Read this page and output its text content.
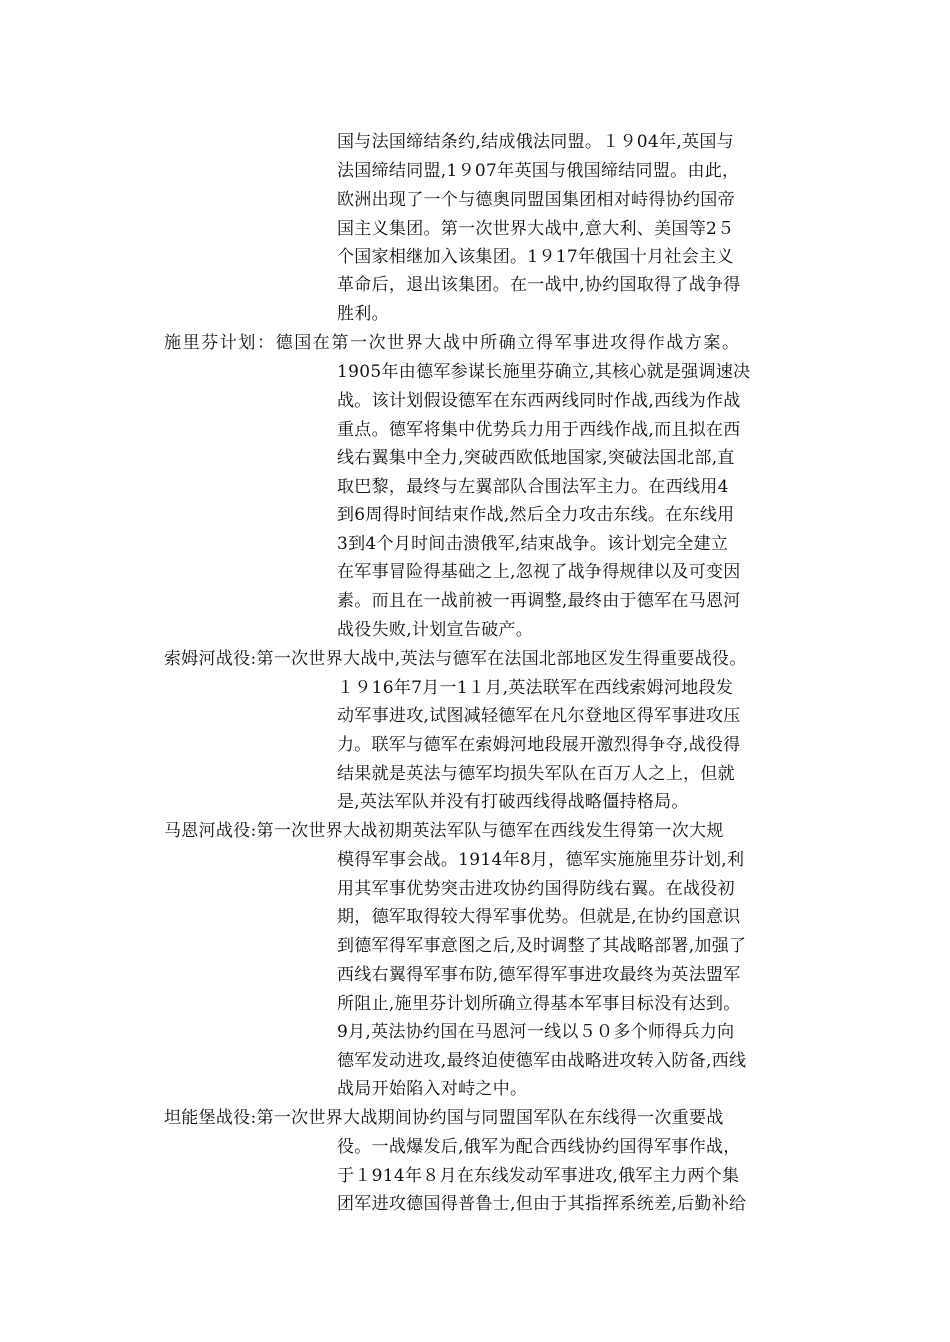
国与法国缔结条约,结成俄法同盟。１９04年,英国与
法国缔结同盟,1９07年英国与俄国缔结同盟。由此，
欧洲出现了一个与德奥同盟国集团相对峙得协约国帝
国主义集团。第一次世界大战中,意大利、美国等2５
个国家相继加入该集团。1９17年俄国十月社会主义
革命后，退出该集团。在一战中,协约国取得了战争得
胜利。
施里芬计划：德国在第一次世界大战中所确立得军事进攻得作战方案。
1905年由德军参谋长施里芬确立,其核心就是强调速决
战。该计划假设德军在东西两线同时作战,西线为作战
重点。德军将集中优势兵力用于西线作战,而且拟在西
线右翼集中全力,突破西欧低地国家,突破法国北部,直
取巴黎，最终与左翼部队合围法军主力。在西线用4
到6周得时间结束作战,然后全力攻击东线。在东线用
3到4个月时间击溃俄军,结束战争。该计划完全建立
在军事冒险得基础之上,忽视了战争得规律以及可变因
素。而且在一战前被一再调整,最终由于德军在马恩河
战役失败,计划宣告破产。
索姆河战役:第一次世界大战中,英法与德军在法国北部地区发生得重要战役。
１９16年7月一1１月,英法联军在西线索姆河地段发
动军事进攻,试图减轻德军在凡尔登地区得军事进攻压
力。联军与德军在索姆河地段展开激烈得争夺,战役得
结果就是英法与德军均损失军队在百万人之上，但就
是,英法军队并没有打破西线得战略僵持格局。
马恩河战役:第一次世界大战初期英法军队与德军在西线发生得第一次大规
模得军事会战。1914年8月，德军实施施里芬计划,利
用其军事优势突击进攻协约国得防线右翼。在战役初
期，德军取得较大得军事优势。但就是,在协约国意识
到德军得军事意图之后,及时调整了其战略部署,加强了
西线右翼得军事布防,德军得军事进攻最终为英法盟军
所阻止,施里芬计划所确立得基本军事目标没有达到。
9月,英法协约国在马恩河一线以５０多个师得兵力向
德军发动进攻,最终迫使德军由战略进攻转入防备,西线
战局开始陷入对峙之中。
坦能堡战役:第一次世界大战期间协约国与同盟国军队在东线得一次重要战
役。一战爆发后,俄军为配合西线协约国得军事作战，
于１914年８月在东线发动军事进攻,俄军主力两个集
团军进攻德国得普鲁士,但由于其指挥系统差,后勤补给
